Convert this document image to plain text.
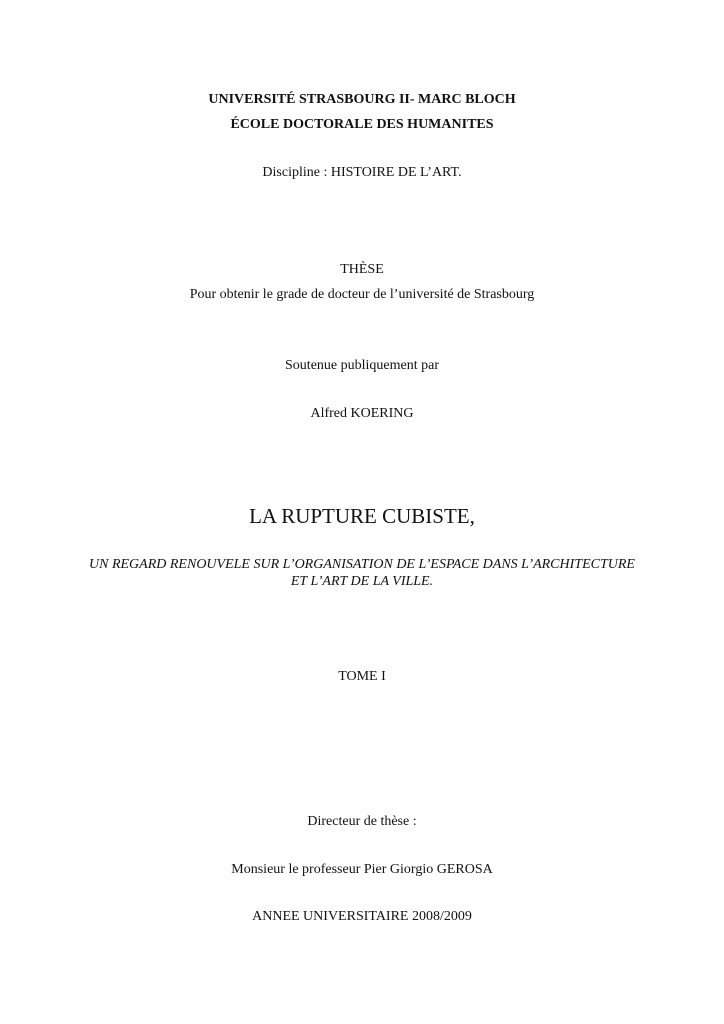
UNIVERSITÉ STRASBOURG II- MARC BLOCH
ÉCOLE DOCTORALE DES HUMANITES
Discipline : HISTOIRE DE L’ART.
THÈSE
Pour obtenir le grade de docteur de l’université de Strasbourg
Soutenue publiquement par
Alfred KOERING
LA RUPTURE CUBISTE,
UN REGARD RENOUVELE SUR L’ORGANISATION DE L’ESPACE DANS L’ARCHITECTURE
ET L’ART DE LA VILLE.
TOME I
Directeur de thèse :
Monsieur le professeur Pier Giorgio GEROSA
ANNEE UNIVERSITAIRE 2008/2009
